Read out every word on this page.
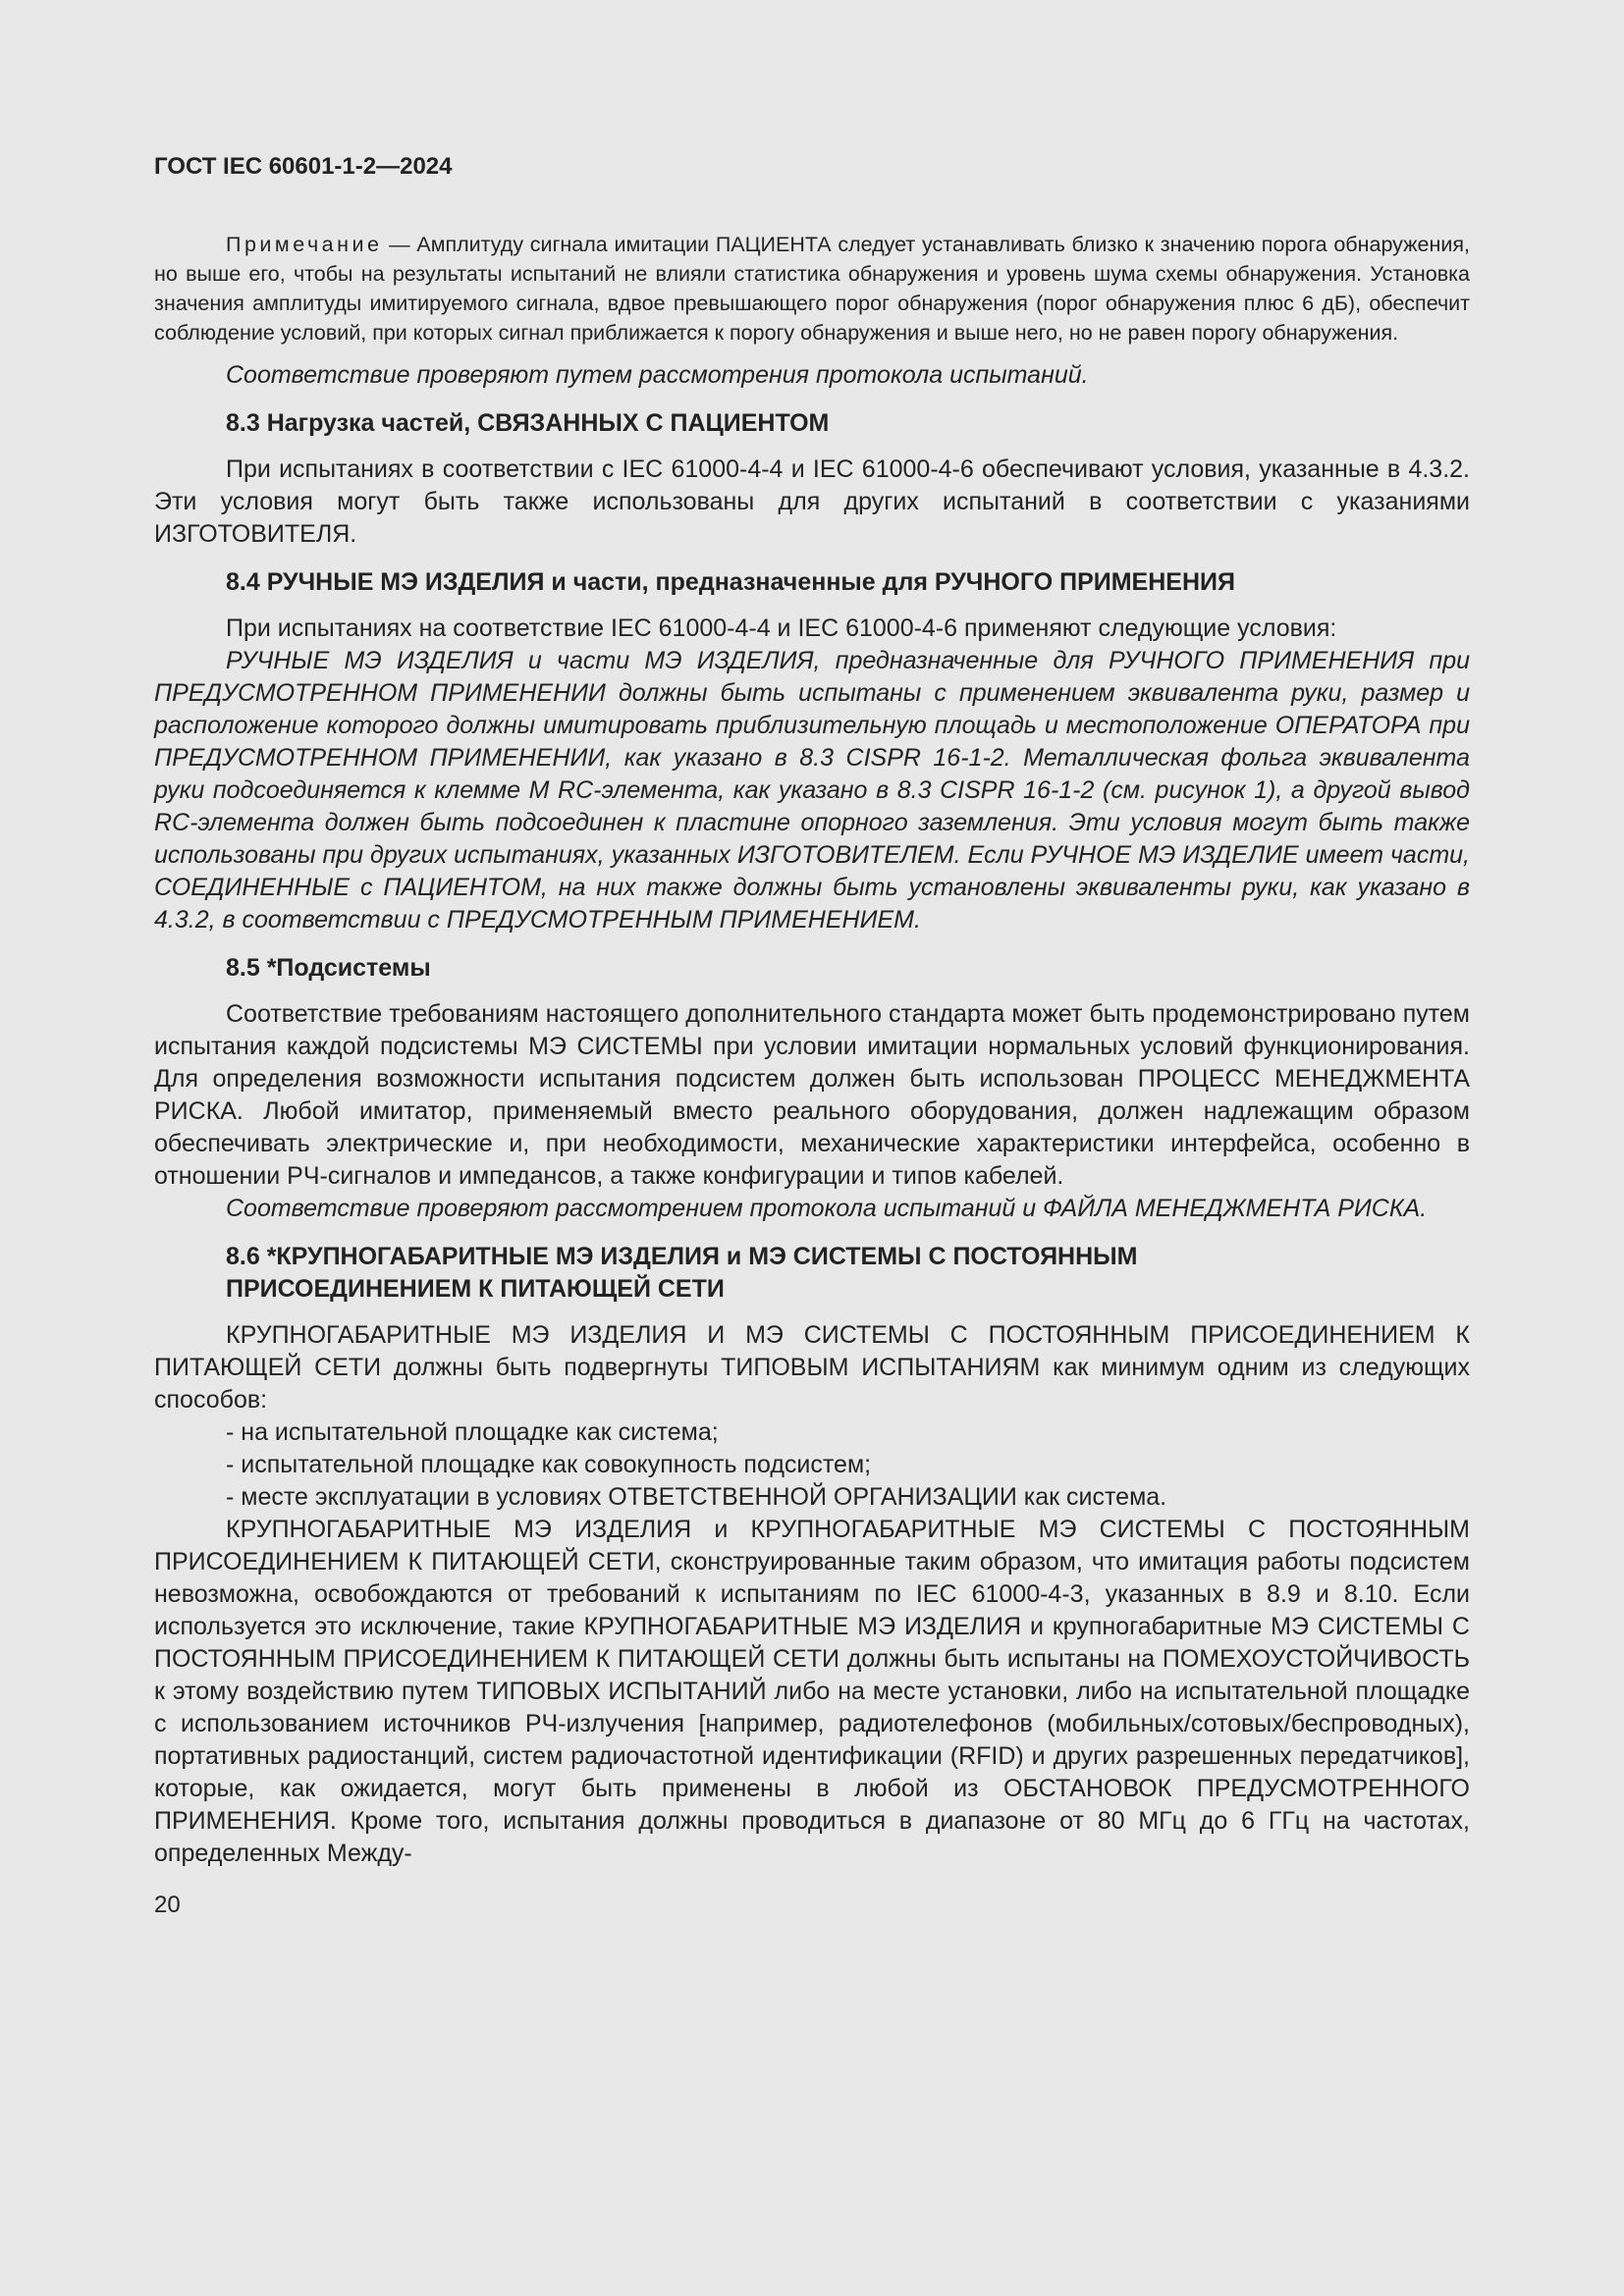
ГОСТ IEC 60601-1-2—2024

Примечание — Амплитуду сигнала имитации ПАЦИЕНТА следует устанавливать близко к значению порога обнаружения, но выше его, чтобы на результаты испытаний не влияли статистика обнаружения и уровень шума схемы обнаружения. Установка значения амплитуды имитируемого сигнала, вдвое превышающего порог обнаружения (порог обнаружения плюс 6 дБ), обеспечит соблюдение условий, при которых сигнал приближается к порогу обнаружения и выше него, но не равен порогу обнаружения.

Соответствие проверяют путем рассмотрения протокола испытаний.

8.3 Нагрузка частей, СВЯЗАННЫХ С ПАЦИЕНТОМ

При испытаниях в соответствии с IEC 61000-4-4 и IEC 61000-4-6 обеспечивают условия, указанные в 4.3.2. Эти условия могут быть также использованы для других испытаний в соответствии с указаниями ИЗГОТОВИТЕЛЯ.

8.4 РУЧНЫЕ МЭ ИЗДЕЛИЯ и части, предназначенные для РУЧНОГО ПРИМЕНЕНИЯ

При испытаниях на соответствие IEC 61000-4-4 и IEC 61000-4-6 применяют следующие условия:

РУЧНЫЕ МЭ ИЗДЕЛИЯ и части МЭ ИЗДЕЛИЯ, предназначенные для РУЧНОГО ПРИМЕНЕНИЯ при ПРЕДУСМОТРЕННОМ ПРИМЕНЕНИИ должны быть испытаны с применением эквивалента руки, размер и расположение которого должны имитировать приблизительную площадь и местоположение ОПЕРАТОРА при ПРЕДУСМОТРЕННОМ ПРИМЕНЕНИИ, как указано в 8.3 CISPR 16-1-2. Металлическая фольга эквивалента руки подсоединяется к клемме М RC-элемента, как указано в 8.3 CISPR 16-1-2 (см. рисунок 1), а другой вывод RC-элемента должен быть подсоединен к пластине опорного заземления. Эти условия могут быть также использованы при других испытаниях, указанных ИЗГОТОВИТЕЛЕМ. Если РУЧНОЕ МЭ ИЗДЕЛИЕ имеет части, СОЕДИНЕННЫЕ с ПАЦИЕНТОМ, на них также должны быть установлены эквиваленты руки, как указано в 4.3.2, в соответствии с ПРЕДУСМОТРЕННЫМ ПРИМЕНЕНИЕМ.

8.5 *Подсистемы

Соответствие требованиям настоящего дополнительного стандарта может быть продемонстрировано путем испытания каждой подсистемы МЭ СИСТЕМЫ при условии имитации нормальных условий функционирования. Для определения возможности испытания подсистем должен быть использован ПРОЦЕСС МЕНЕДЖМЕНТА РИСКА. Любой имитатор, применяемый вместо реального оборудования, должен надлежащим образом обеспечивать электрические и, при необходимости, механические характеристики интерфейса, особенно в отношении РЧ-сигналов и импедансов, а также конфигурации и типов кабелей.

Соответствие проверяют рассмотрением протокола испытаний и ФАЙЛА МЕНЕДЖМЕНТА РИСКА.

8.6 *КРУПНОГАБАРИТНЫЕ МЭ ИЗДЕЛИЯ и МЭ СИСТЕМЫ С ПОСТОЯННЫМ
ПРИСОЕДИНЕНИЕМ К ПИТАЮЩЕЙ СЕТИ

КРУПНОГАБАРИТНЫЕ МЭ ИЗДЕЛИЯ И МЭ СИСТЕМЫ С ПОСТОЯННЫМ ПРИСОЕДИНЕНИЕМ К ПИТАЮЩЕЙ СЕТИ должны быть подвергнуты ТИПОВЫМ ИСПЫТАНИЯМ как минимум одним из следующих способов:

- на испытательной площадке как система;
- испытательной площадке как совокупность подсистем;
- месте эксплуатации в условиях ОТВЕТСТВЕННОЙ ОРГАНИЗАЦИИ как система.

КРУПНОГАБАРИТНЫЕ МЭ ИЗДЕЛИЯ и КРУПНОГАБАРИТНЫЕ МЭ СИСТЕМЫ С ПОСТОЯННЫМ ПРИСОЕДИНЕНИЕМ К ПИТАЮЩЕЙ СЕТИ, сконструированные таким образом, что имитация работы подсистем невозможна, освобождаются от требований к испытаниям по IEC 61000-4-3, указанных в 8.9 и 8.10. Если используется это исключение, такие КРУПНОГАБАРИТНЫЕ МЭ ИЗДЕЛИЯ и крупногабаритные МЭ СИСТЕМЫ С ПОСТОЯННЫМ ПРИСОЕДИНЕНИЕМ К ПИТАЮЩЕЙ СЕТИ должны быть испытаны на ПОМЕХОУСТОЙЧИВОСТЬ к этому воздействию путем ТИПОВЫХ ИСПЫТАНИЙ либо на месте установки, либо на испытательной площадке с использованием источников РЧ-излучения [например, радиотелефонов (мобильных/сотовых/беспроводных), портативных радиостанций, систем радиочастотной идентификации (RFID) и других разрешенных передатчиков], которые, как ожидается, могут быть применены в любой из ОБСТАНОВОК ПРЕДУСМОТРЕННОГО ПРИМЕНЕНИЯ. Кроме того, испытания должны проводиться в диапазоне от 80 МГц до 6 ГГц на частотах, определенных Между-

20
